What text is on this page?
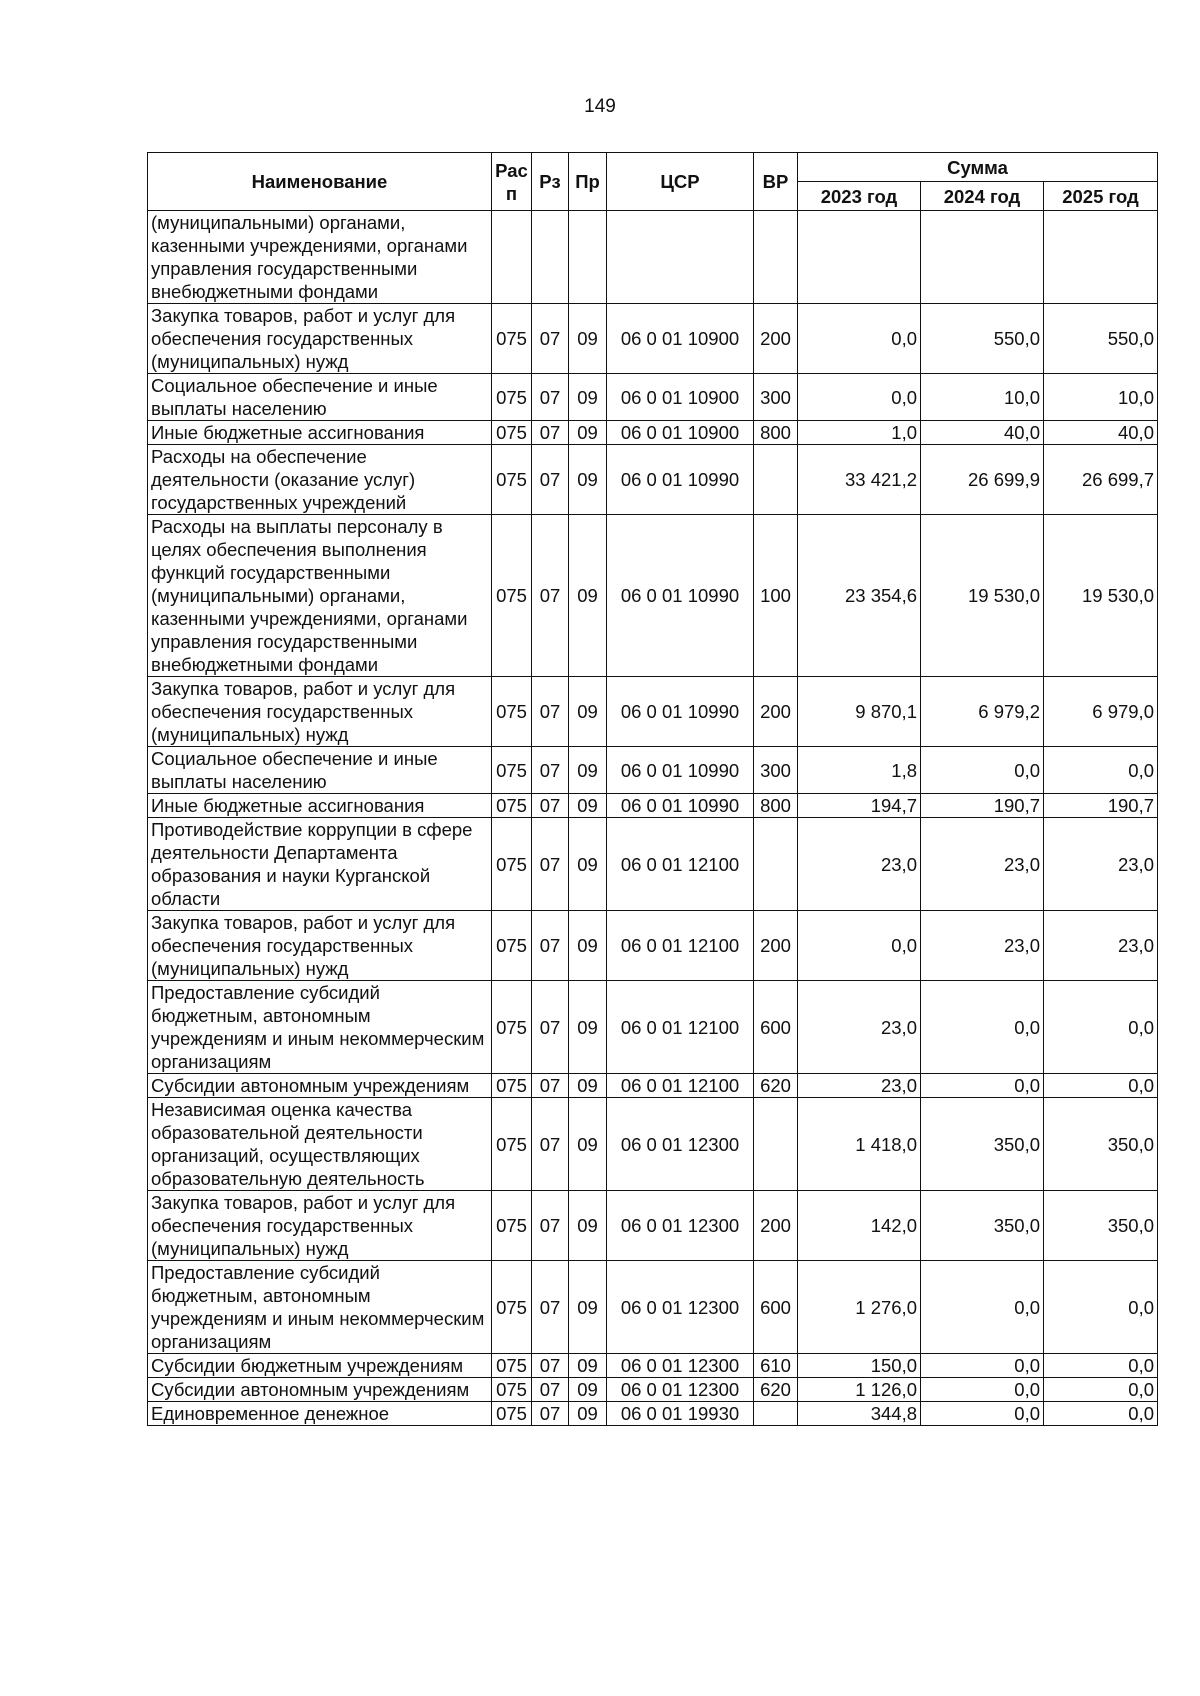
149
Наименование	Рас п	Рз	Пр	ЦСР	ВР	Сумма		
						2023 год	2024 год	2025 год
(муниципальными) органами, казенными учреждениями, органами управления государственными внебюджетными фондами								
Закупка товаров, работ и услуг для обеспечения государственных (муниципальных) нужд	075	07	09	06 0 01 10900	200	0,0	550,0	550,0
Социальное обеспечение и иные выплаты населению	075	07	09	06 0 01 10900	300	0,0	10,0	10,0
Иные бюджетные ассигнования	075	07	09	06 0 01 10900	800	1,0	40,0	40,0
Расходы на обеспечение деятельности (оказание услуг) государственных учреждений	075	07	09	06 0 01 10990		33 421,2	26 699,9	26 699,7
Расходы на выплаты персоналу в целях обеспечения выполнения функций государственными (муниципальными) органами, казенными учреждениями, органами управления государственными внебюджетными фондами	075	07	09	06 0 01 10990	100	23 354,6	19 530,0	19 530,0
Закупка товаров, работ и услуг для обеспечения государственных (муниципальных) нужд	075	07	09	06 0 01 10990	200	9 870,1	6 979,2	6 979,0
Социальное обеспечение и иные выплаты населению	075	07	09	06 0 01 10990	300	1,8	0,0	0,0
Иные бюджетные ассигнования	075	07	09	06 0 01 10990	800	194,7	190,7	190,7
Противодействие коррупции в сфере деятельности Департамента образования и науки Курганской области	075	07	09	06 0 01 12100		23,0	23,0	23,0
Закупка товаров, работ и услуг для обеспечения государственных (муниципальных) нужд	075	07	09	06 0 01 12100	200	0,0	23,0	23,0
Предоставление субсидий бюджетным, автономным учреждениям и иным некоммерческим организациям	075	07	09	06 0 01 12100	600	23,0	0,0	0,0
Субсидии автономным учреждениям	075	07	09	06 0 01 12100	620	23,0	0,0	0,0
Независимая оценка качества образовательной деятельности организаций, осуществляющих образовательную деятельность	075	07	09	06 0 01 12300		1 418,0	350,0	350,0
Закупка товаров, работ и услуг для обеспечения государственных (муниципальных) нужд	075	07	09	06 0 01 12300	200	142,0	350,0	350,0
Предоставление субсидий бюджетным, автономным учреждениям и иным некоммерческим организациям	075	07	09	06 0 01 12300	600	1 276,0	0,0	0,0
Субсидии бюджетным учреждениям	075	07	09	06 0 01 12300	610	150,0	0,0	0,0
Субсидии автономным учреждениям	075	07	09	06 0 01 12300	620	1 126,0	0,0	0,0
Единовременное денежное	075	07	09	06 0 01 19930		344,8	0,0	0,0
